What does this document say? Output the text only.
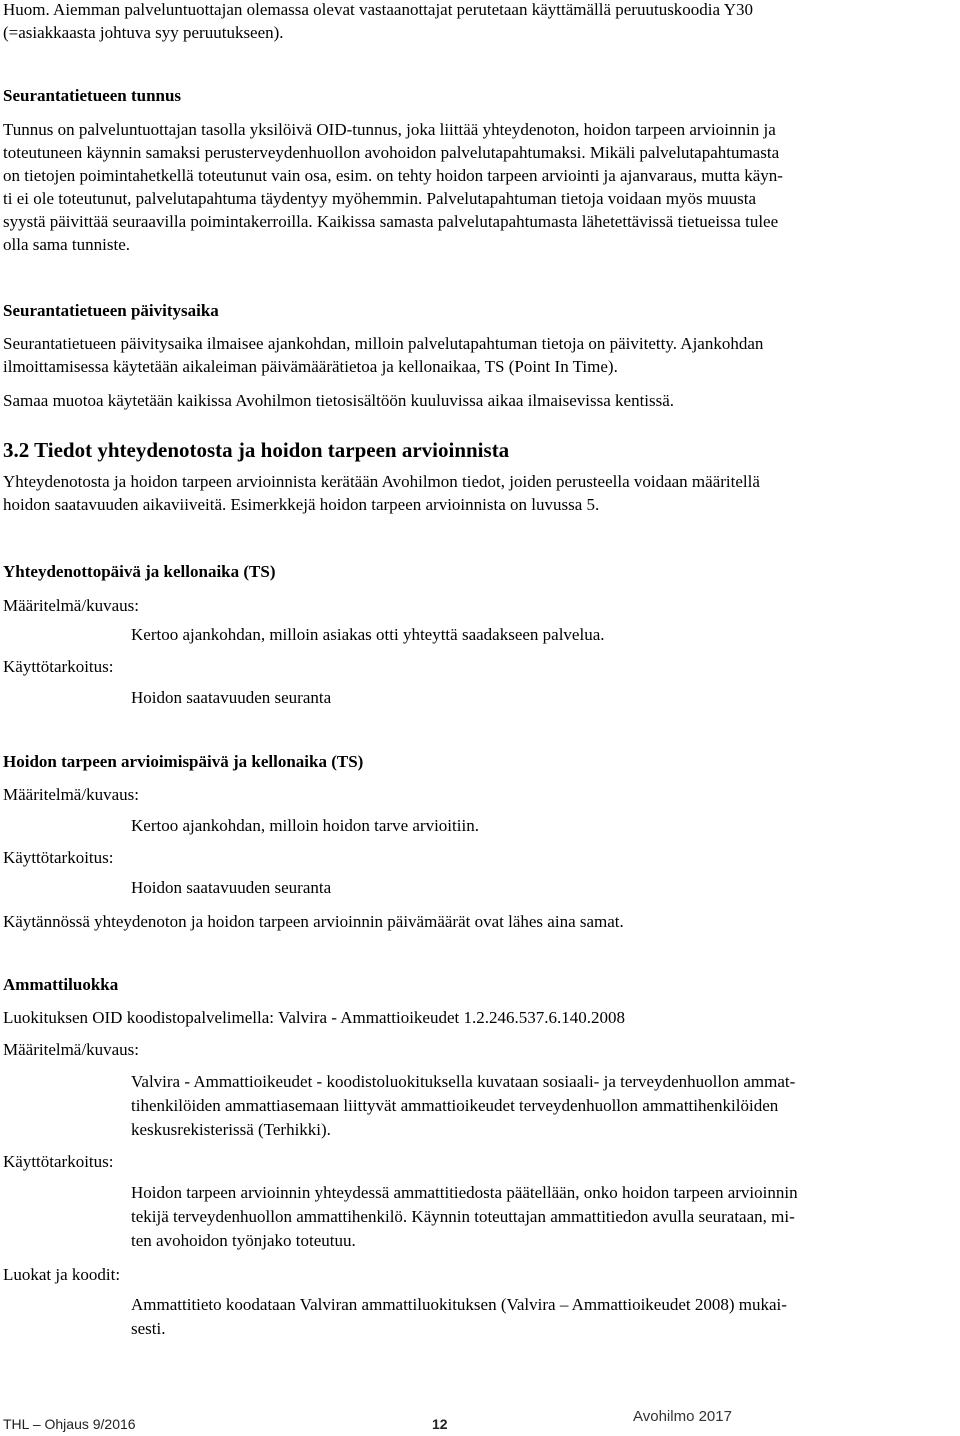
Huom. Aiemman palveluntuottajan olemassa olevat vastaanottajat perutetaan käyttämällä peruutuskoodia Y30
(=asiakkaasta johtuva syy peruutukseen).
Seurantatietueen tunnus
Tunnus on palveluntuottajan tasolla yksilöivä OID-tunnus, joka liittää yhteydenoton, hoidon tarpeen arvioinnin ja
toteutuneen käynnin samaksi perusterveydenhuollon avohoidon palvelutapahtumaksi. Mikäli palvelutapahtumasta
on tietojen poimintahetkellä toteutunut vain osa, esim. on tehty hoidon tarpeen arviointi ja ajanvaraus, mutta käyn-
ti ei ole toteutunut, palvelutapahtuma täydentyy myöhemmin. Palvelutapahtuman tietoja voidaan myös muusta
syystä päivittää seuraavilla poimintakerroilla. Kaikissa samasta palvelutapahtumasta lähetettävissä tietueissa tulee
olla sama tunniste.
Seurantatietueen päivitysaika
Seurantatietueen päivitysaika ilmaisee ajankohdan, milloin palvelutapahtuman tietoja on päivitetty. Ajankohdan
ilmoittamisessa käytetään aikaleiman päivämäärätietoa ja kellonaikaa, TS (Point In Time).
Samaa muotoa käytetään kaikissa Avohilmon tietosisältöön kuuluvissa aikaa ilmaisevissa kentissä.
3.2 Tiedot yhteydenotosta ja hoidon tarpeen arvioinnista
Yhteydenotosta ja hoidon tarpeen arvioinnista kerätään Avohilmon tiedot, joiden perusteella voidaan määritellä
hoidon saatavuuden aikaviiveitä. Esimerkkejä hoidon tarpeen arvioinnista on luvussa 5.
Yhteydenottopäivä ja kellonaika (TS)
Määritelmä/kuvaus:
Kertoo ajankohdan, milloin asiakas otti yhteyttä saadakseen palvelua.
Käyttötarkoitus:
Hoidon saatavuuden seuranta
Hoidon tarpeen arvioimispäivä ja kellonaika (TS)
Määritelmä/kuvaus:
Kertoo ajankohdan, milloin hoidon tarve arvioitiin.
Käyttötarkoitus:
Hoidon saatavuuden seuranta
Käytännössä yhteydenoton ja hoidon tarpeen arvioinnin päivämäärät ovat lähes aina samat.
Ammattiluokka
Luokituksen OID koodistopalvelimella: Valvira - Ammattioikeudet 1.2.246.537.6.140.2008
Määritelmä/kuvaus:
Valvira - Ammattioikeudet - koodistoluokituksella kuvataan sosiaali- ja terveydenhuollon ammat-
tihenkilöiden ammattiasemaan liittyvät ammattioikeudet terveydenhuollon ammattihenkilöiden
keskusrekisterissä (Terhikki).
Käyttötarkoitus:
Hoidon tarpeen arvioinnin yhteydessä ammattitiedosta päätellään, onko hoidon tarpeen arvioinnin
tekijä terveydenhuollon ammattihenkilö. Käynnin toteuttajan ammattitiedon avulla seurataan, mi-
ten avohoidon työnjako toteutuu.
Luokat ja koodit:
Ammattitieto koodataan Valviran ammattiluokituksen (Valvira – Ammattioikeudet 2008) mukai-
sesti.
THL – Ohjaus 9/2016	12	Avohilmo 2017
